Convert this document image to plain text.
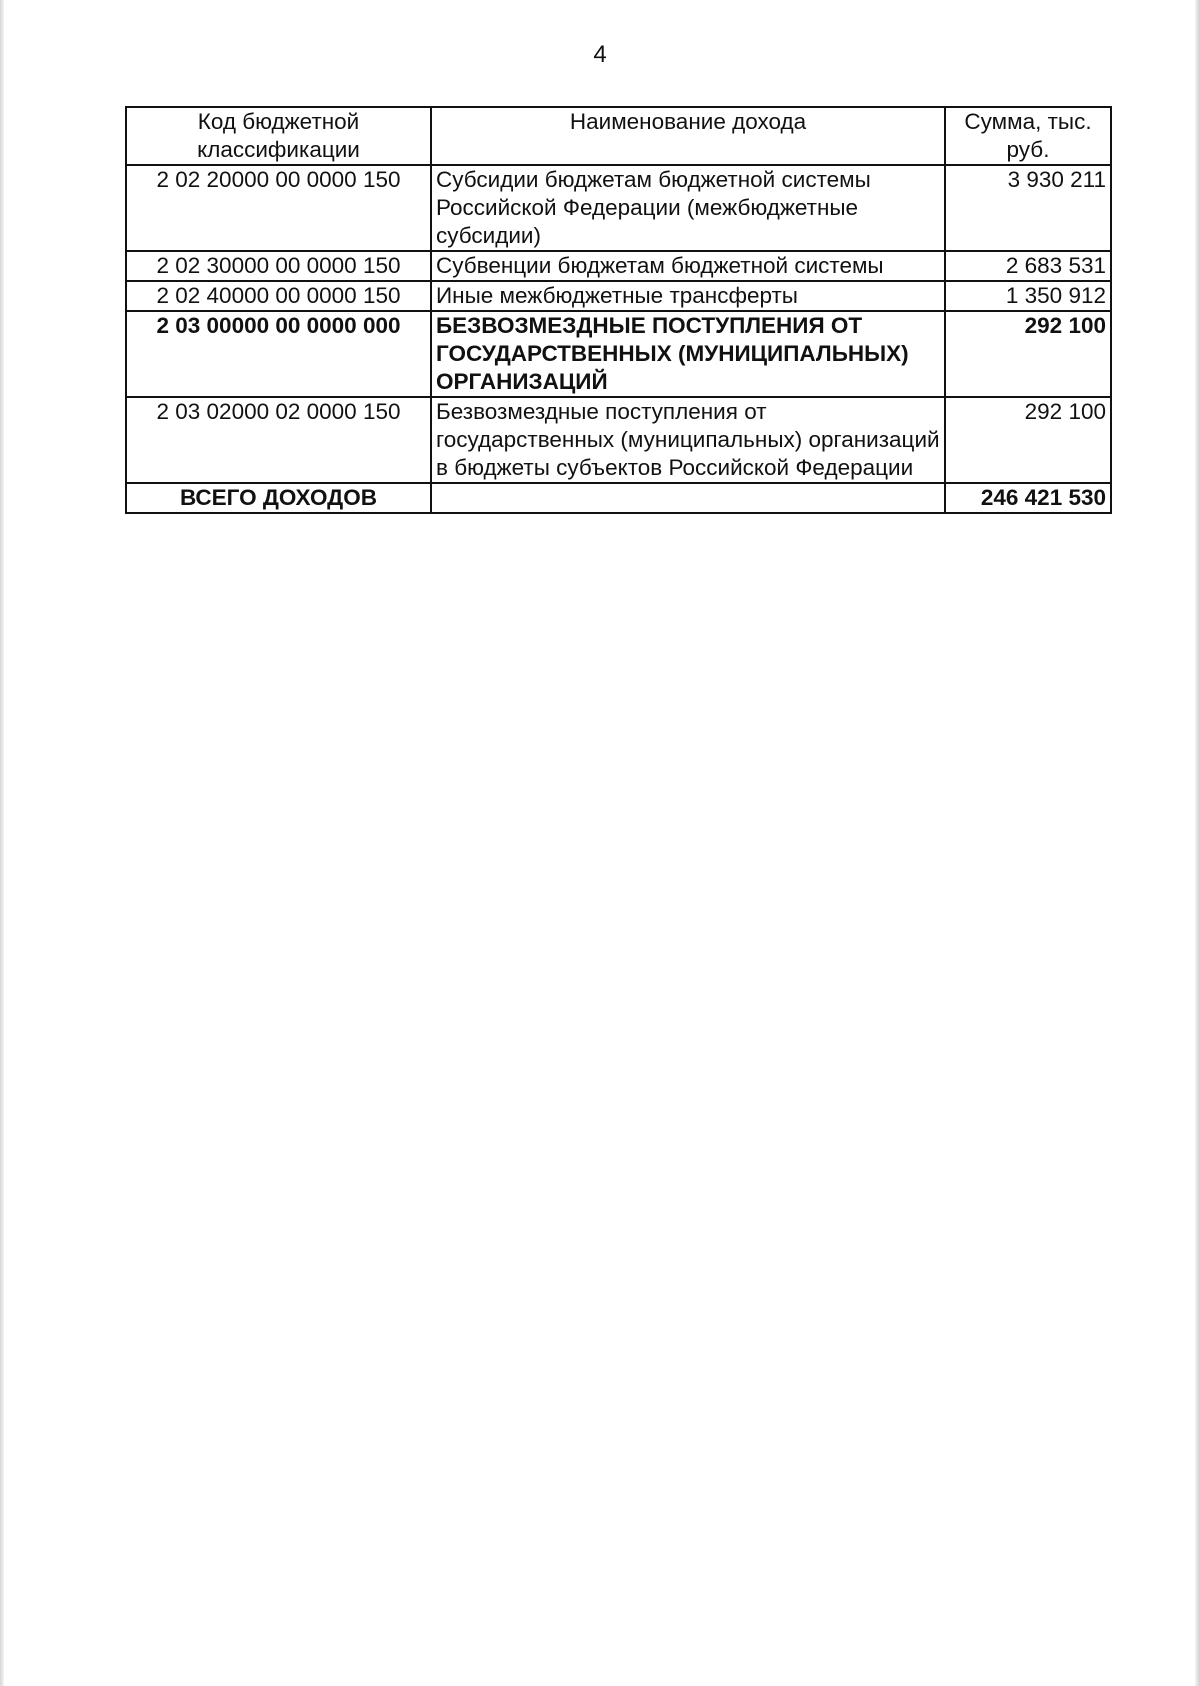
4
Код бюджетной классификации	Наименование дохода	Сумма, тыс. руб.
2 02 20000 00 0000 150	Субсидии бюджетам бюджетной системы Российской Федерации (межбюджетные субсидии)	3 930 211
2 02 30000 00 0000 150	Субвенции бюджетам бюджетной системы	2 683 531
2 02 40000 00 0000 150	Иные межбюджетные трансферты	1 350 912
2 03 00000 00 0000 000	БЕЗВОЗМЕЗДНЫЕ ПОСТУПЛЕНИЯ ОТ ГОСУДАРСТВЕННЫХ (МУНИЦИПАЛЬНЫХ) ОРГАНИЗАЦИЙ	292 100
2 03 02000 02 0000 150	Безвозмездные поступления от государственных (муниципальных) организаций в бюджеты субъектов Российской Федерации	292 100
ВСЕГО ДОХОДОВ		246 421 530
